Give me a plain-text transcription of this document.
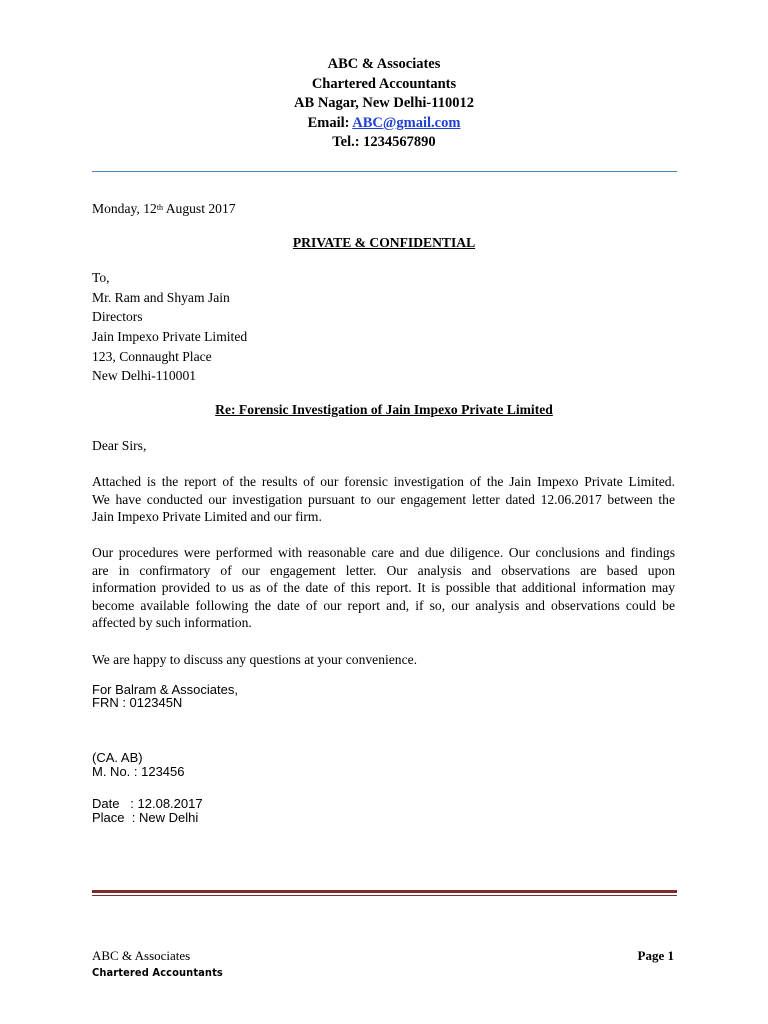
ABC & Associates
Chartered Accountants
AB Nagar, New Delhi-110012
Email: ABC@gmail.com
Tel.: 1234567890
Monday, 12th August 2017
PRIVATE & CONFIDENTIAL
To,
Mr. Ram and Shyam Jain
Directors
Jain Impexo Private Limited
123, Connaught Place
New Delhi-110001
Re: Forensic Investigation of Jain Impexo Private Limited
Dear Sirs,
Attached is the report of the results of our forensic investigation of the Jain Impexo Private Limited.
We have conducted our investigation pursuant to our engagement letter dated 12.06.2017 between the
Jain Impexo Private Limited and our firm.
Our procedures were performed with reasonable care and due diligence. Our conclusions and findings
are in confirmatory of our engagement letter. Our analysis and observations are based upon
information provided to us as of the date of this report. It is possible that additional information may
become available following the date of our report and, if so, our analysis and observations could be
affected by such information.
We are happy to discuss any questions at your convenience.
For Balram & Associates,
FRN : 012345N
(CA. AB)
M. No. : 123456
Date   : 12.08.2017
Place  : New Delhi
ABC & Associates
Chartered Accountants
Page 1
